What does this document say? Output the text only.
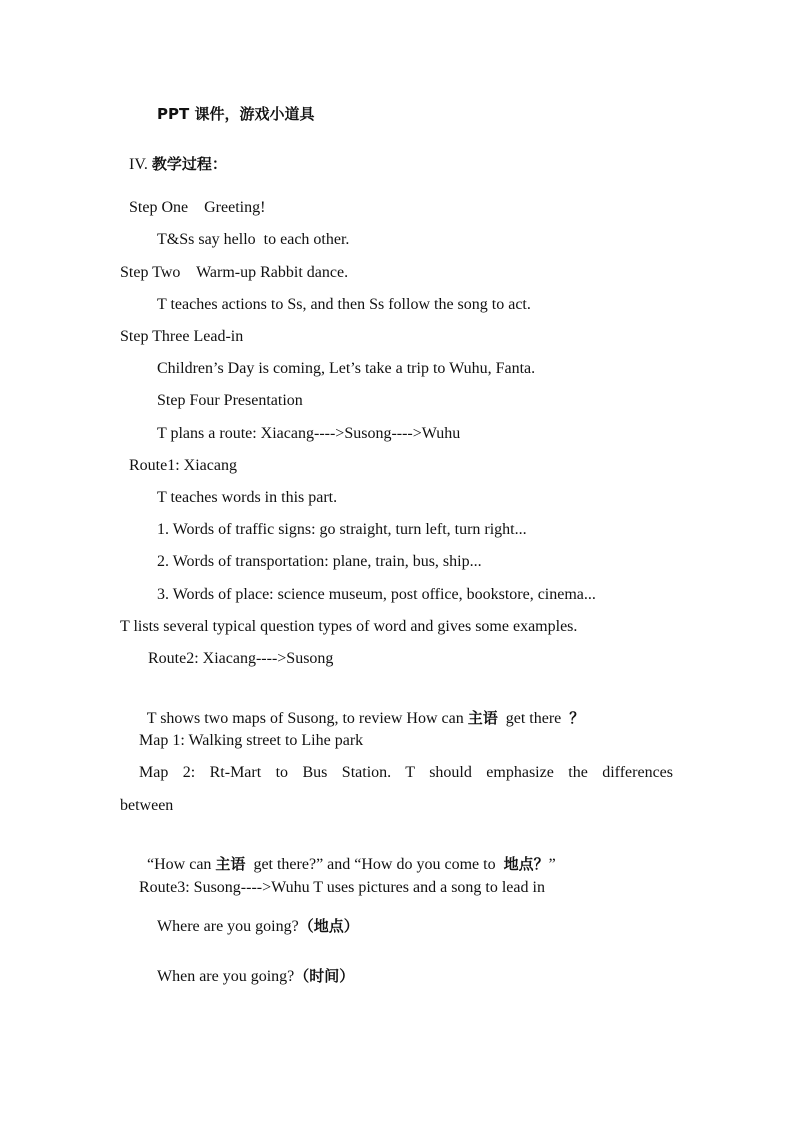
PPT 课件，游戏小道具
IV. 教学过程：
Step One    Greeting!
T&Ss say hello  to each other.
Step Two    Warm-up Rabbit dance.
T teaches actions to Ss, and then Ss follow the song to act.
Step Three Lead-in
Children’s Day is coming, Let’s take a trip to Wuhu, Fanta.
Step Four Presentation
T plans a route: Xiacang---->Susong---->Wuhu
Route1: Xiacang
T teaches words in this part.
1. Words of traffic signs: go straight, turn left, turn right...
2. Words of transportation: plane, train, bus, ship...
3. Words of place: science museum, post office, bookstore, cinema...
T lists several typical question types of word and gives some examples.
Route2: Xiacang---->Susong

T shows two maps of Susong, to review How can 主语  get there  ？

Map 1: Walking street to Lihe park
Map 2: Rt-Mart to Bus Station. T should emphasize the differences
between

“How can 主语  get there?” and “How do you come to  地点？”

Route3: Susong---->Wuhu T uses pictures and a song to lead in
Where are you going?（地点）
When are you going?（时间）
